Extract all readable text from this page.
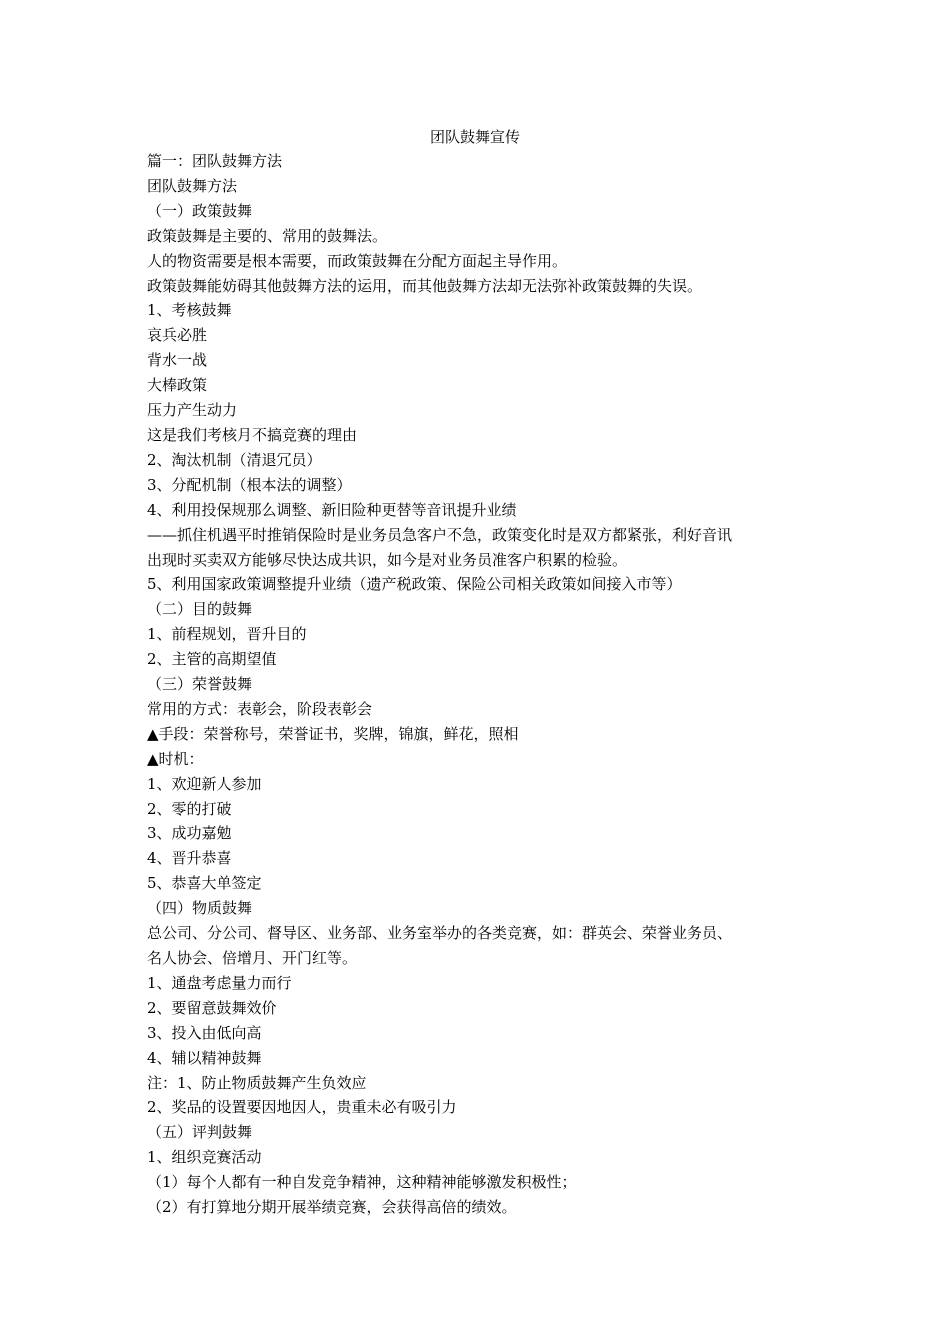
团队鼓舞宣传
篇一：团队鼓舞方法
团队鼓舞方法
（一）政策鼓舞
政策鼓舞是主要的、常用的鼓舞法。
人的物资需要是根本需要，而政策鼓舞在分配方面起主导作用。
政策鼓舞能妨碍其他鼓舞方法的运用，而其他鼓舞方法却无法弥补政策鼓舞的失误。
1、考核鼓舞
哀兵必胜
背水一战
大棒政策
压力产生动力
这是我们考核月不搞竞赛的理由
2、淘汰机制（清退冗员）
3、分配机制（根本法的调整）
4、利用投保规那么调整、新旧险种更替等音讯提升业绩
——抓住机遇平时推销保险时是业务员急客户不急，政策变化时是双方都紧张，利好音讯
出现时买卖双方能够尽快达成共识，如今是对业务员准客户积累的检验。
5、利用国家政策调整提升业绩（遗产税政策、保险公司相关政策如间接入市等）
（二）目的鼓舞
1、前程规划，晋升目的
2、主管的高期望值
（三）荣誉鼓舞
常用的方式：表彰会，阶段表彰会
▲手段：荣誉称号，荣誉证书，奖牌，锦旗，鲜花，照相
▲时机：
1、欢迎新人参加
2、零的打破
3、成功嘉勉
4、晋升恭喜
5、恭喜大单签定
（四）物质鼓舞
总公司、分公司、督导区、业务部、业务室举办的各类竞赛，如：群英会、荣誉业务员、
名人协会、倍增月、开门红等。
1、通盘考虑量力而行
2、要留意鼓舞效价
3、投入由低向高
4、辅以精神鼓舞
注：1、防止物质鼓舞产生负效应
2、奖品的设置要因地因人，贵重未必有吸引力
（五）评判鼓舞
1、组织竞赛活动
（1）每个人都有一种自发竞争精神，这种精神能够激发积极性；
（2）有打算地分期开展举绩竞赛，会获得高倍的绩效。
